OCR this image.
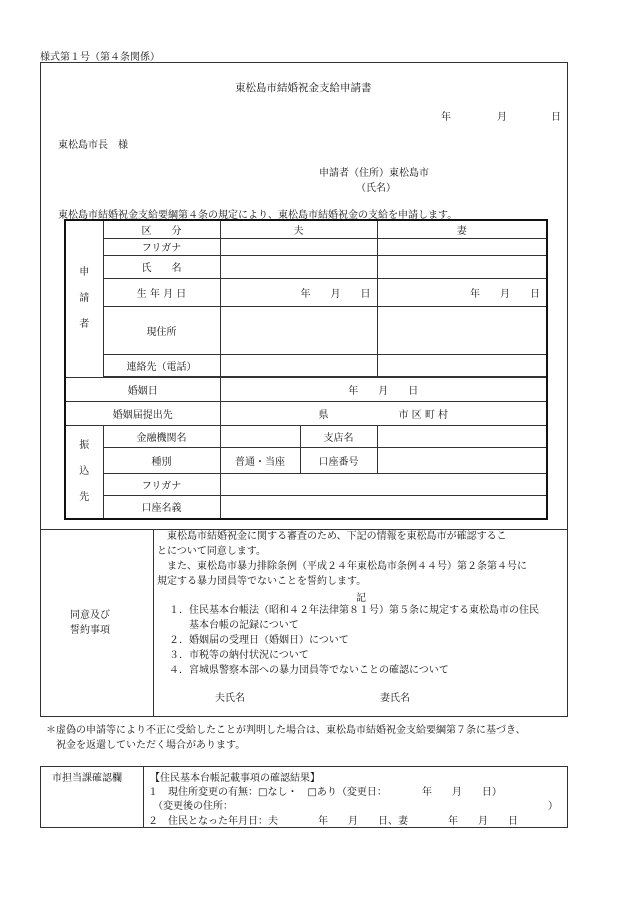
様式第１号（第４条関係）
東松島市結婚祝金支給申請書
年	月	日
東松島市長　様
申請者（住所）東松島市
（氏名）
東松島市結婚祝金支給要綱第４条の規定により、東松島市結婚祝金の支給を申請します。
申
請
者	区　　分	夫		妻
	フリガナ			
	氏　　名			
	生 年 月 日	年　　 月　　 日		年　　 月　　 日
	現住所			
	連絡先（電話）			

婚姻日		年　　 月　　 日		
婚姻届提出先		県 市 区 町 村		

振
込
先	金融機関名		支店名	
	種別	普通・当座	口座番号	
	フリガナ			
	口座名義			
同意及び
誓約事項
　東松島市結婚祝金に関する審査のため、下記の情報を東松島市が確認するこ
とについて同意します。
　また、東松島市暴力排除条例（平成２４年東松島市条例４４号）第２条第４号に
規定する暴力団員等でないことを誓約します。
記
１．住民基本台帳法（昭和４２年法律第８１号）第５条に規定する東松島市の住民
　　基本台帳の記録について
２．婚姻届の受理日（婚姻日）について
３．市税等の納付状況について
４．宮城県警察本部への暴力団員等でないことの確認について
夫氏名	妻氏名
＊虚偽の申請等により不正に受給したことが判明した場合は、東松島市結婚祝金支給要綱第７条に基づき、
　祝金を返還していただく場合があります。
市担当課確認欄	【住民基本台帳記載事項の確認結果】
１　現住所変更の有無：□なし・　□あり（変更日：　　　　年　　月　　日）
　（変更後の住所：	）
２　住民となった年月日：夫　　　　年　　月　　日、妻　　　　年　　月　　日
